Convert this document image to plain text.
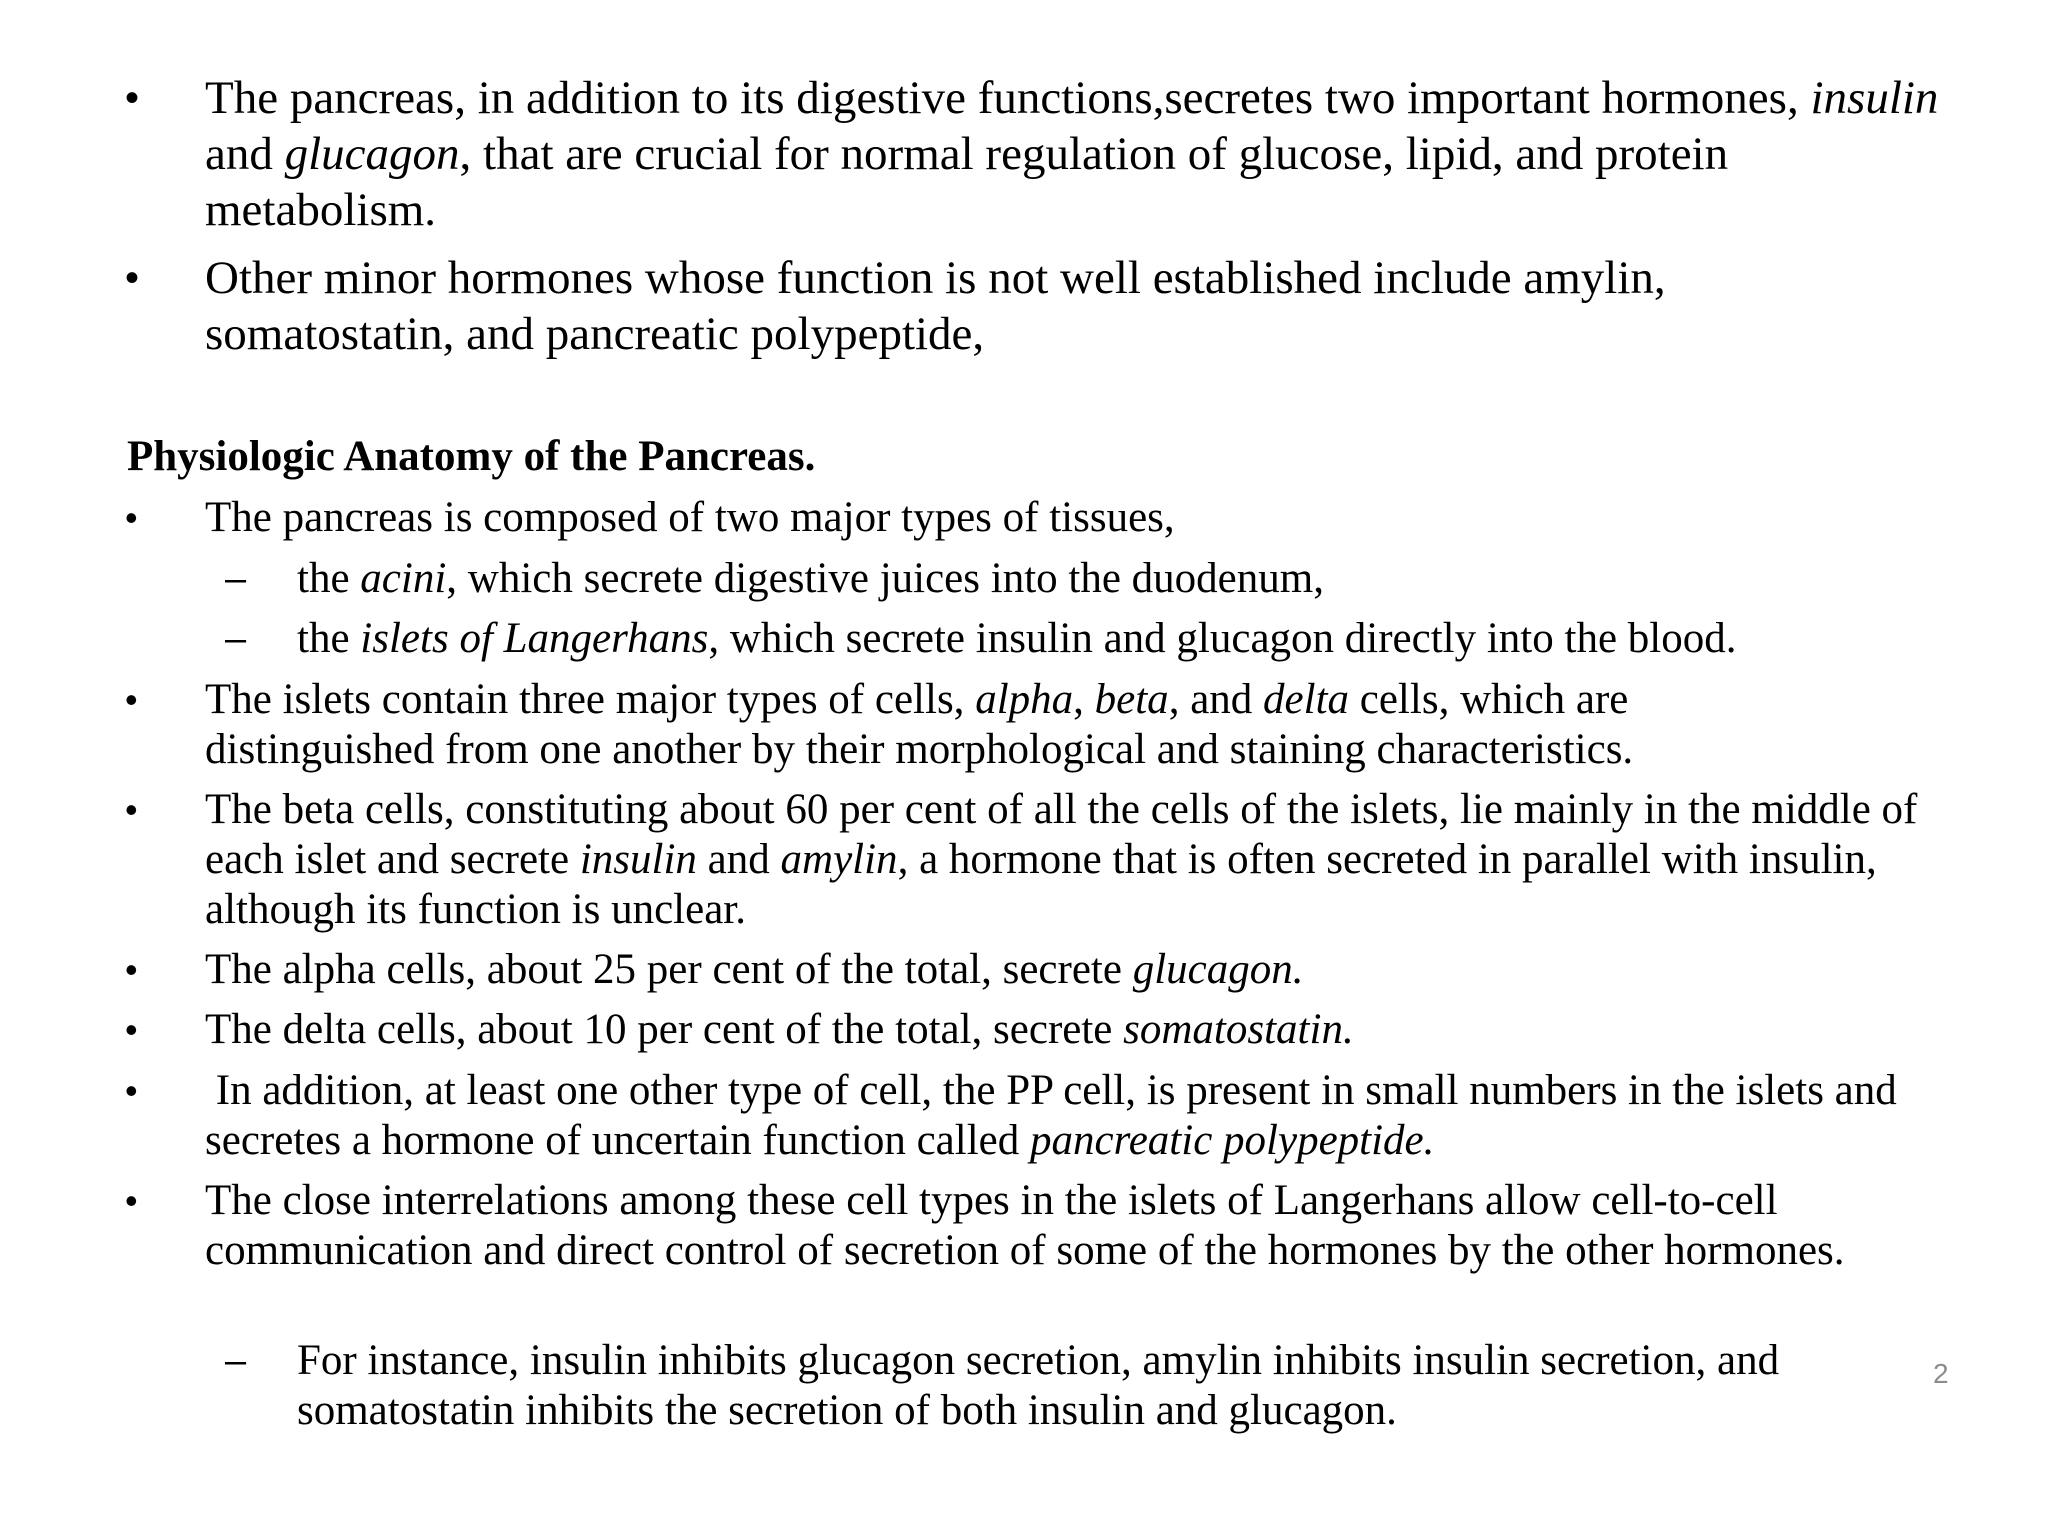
• The pancreas, in addition to its digestive functions,secretes two important hormones, insulin and glucagon, that are crucial for normal regulation of glucose, lipid, and protein metabolism.
• Other minor hormones whose function is not well established include amylin, somatostatin, and pancreatic polypeptide,
Physiologic Anatomy of the Pancreas.
• The pancreas is composed of two major types of tissues,
– the acini, which secrete digestive juices into the duodenum,
– the islets of Langerhans, which secrete insulin and glucagon directly into the blood.
• The islets contain three major types of cells, alpha, beta, and delta cells, which are distinguished from one another by their morphological and staining characteristics.
• The beta cells, constituting about 60 per cent of all the cells of the islets, lie mainly in the middle of each islet and secrete insulin and amylin, a hormone that is often secreted in parallel with insulin, although its function is unclear.
• The alpha cells, about 25 per cent of the total, secrete glucagon.
• The delta cells, about 10 per cent of the total, secrete somatostatin.
• In addition, at least one other type of cell, the PP cell, is present in small numbers in the islets and secretes a hormone of uncertain function called pancreatic polypeptide.
• The close interrelations among these cell types in the islets of Langerhans allow cell-to-cell communication and direct control of secretion of some of the hormones by the other hormones.
– For instance, insulin inhibits glucagon secretion, amylin inhibits insulin secretion, and somatostatin inhibits the secretion of both insulin and glucagon.
2
